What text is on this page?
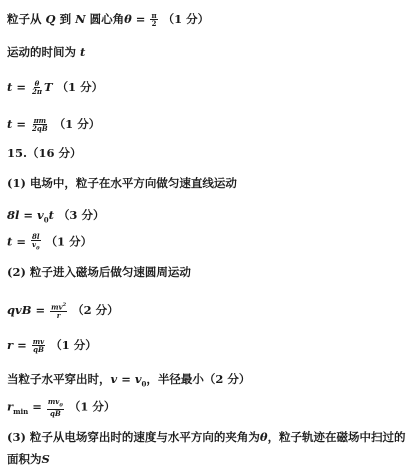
粒子从 Q 到 N 圆心角$\theta = \frac{\pi}{2} (1$ 分）
运动的时间为 t
$t = \frac{\theta}{2\pi}$ T （1 分）
$t = \frac{\pi m}{2qB} (1$ 分）
15.（16 分）
(1) 电场中，粒子在水平方向做匀速直线运动
$8l = v_0t$ （3 分）
$t = \frac{8l}{v_0} (1$ 分）
(2) 粒子进入磁场后做匀速圆周运动
qvB = $\frac{mv^2}{r} (2$ 分）
$r = \frac{mv}{qB} (1$ 分）
当粒子水平穿出时，$v = v_0$，半径最小（2 分）
$r_{min} = \frac{mv_0}{qB} (1$ 分）
(3) 粒子从电场穿出时的速度与水平方向的夹角为θ，粒子轨迹在磁场中扫过的
面积为S
